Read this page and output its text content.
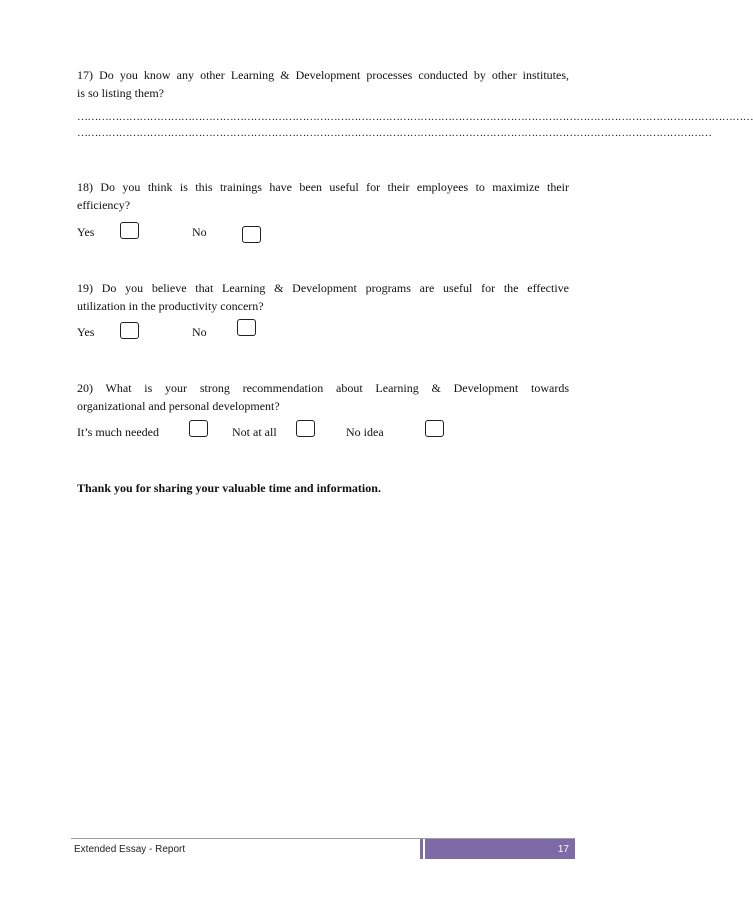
17) Do you know any other Learning & Development processes conducted by other institutes,
is so listing them?
……………………………………………………………………………………………………………………………………………………………………………
…………………………………………………………………………………………………………………………………………………………………
18) Do you think is this trainings have been useful for their employees to maximize their
efficiency?
Yes	No
19) Do you believe that Learning & Development programs are useful for the effective
utilization in the productivity concern?
Yes	No
20) What is your strong recommendation about Learning & Development towards
organizational and personal development?
It’s much needed	Not at all	No idea
Thank you for sharing your valuable time and information.
Extended Essay - Report	17
